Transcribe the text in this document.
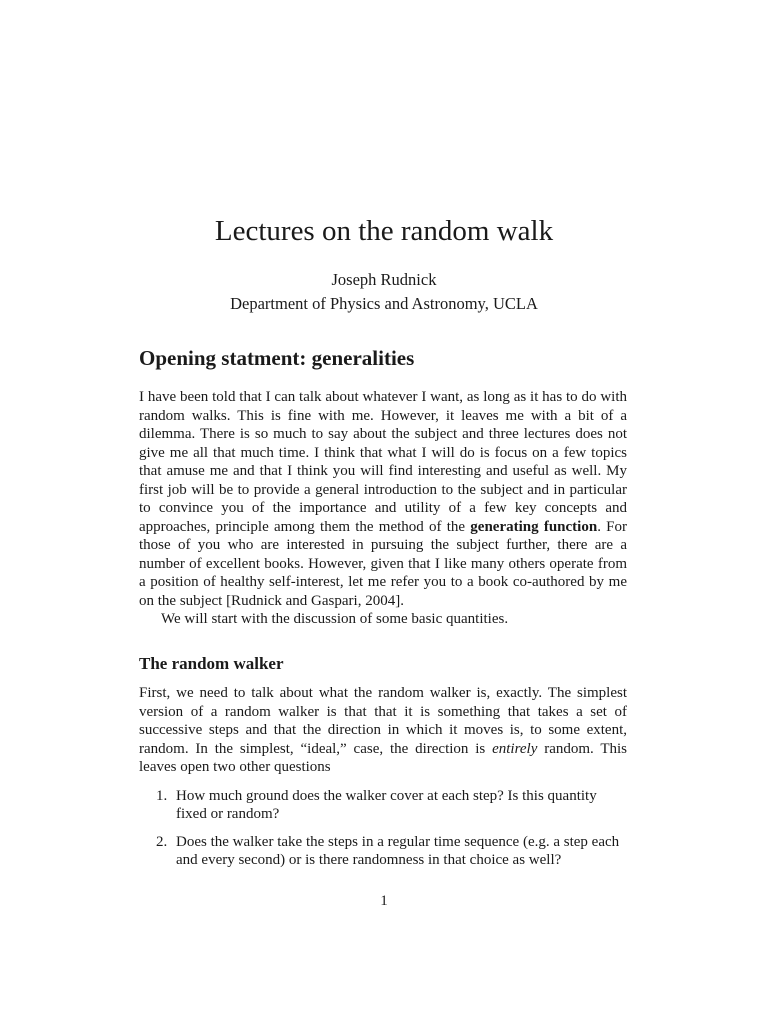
Lectures on the random walk
Joseph Rudnick
Department of Physics and Astronomy, UCLA
Opening statment: generalities

I have been told that I can talk about whatever I want, as long as it has to do with random walks. This is fine with me. However, it leaves me with a bit of a dilemma. There is so much to say about the subject and three lectures does not give me all that much time. I think that what I will do is focus on a few topics that amuse me and that I think you will find interesting and useful as well. My first job will be to provide a general introduction to the subject and in particular to convince you of the importance and utility of a few key concepts and approaches, principle among them the method of the generating function. For those of you who are interested in pursuing the subject further, there are a number of excellent books. However, given that I like many others operate from a position of healthy self-interest, let me refer you to a book co-authored by me on the subject [Rudnick and Gaspari, 2004].

We will start with the discussion of some basic quantities.

The random walker

First, we need to talk about what the random walker is, exactly. The simplest version of a random walker is that that it is something that takes a set of successive steps and that the direction in which it moves is, to some extent, random. In the simplest, “ideal,” case, the direction is entirely random. This leaves open two other questions

1. How much ground does the walker cover at each step? Is this quantity fixed or random?
2. Does the walker take the steps in a regular time sequence (e.g. a step each and every second) or is there randomness in that choice as well?
1
